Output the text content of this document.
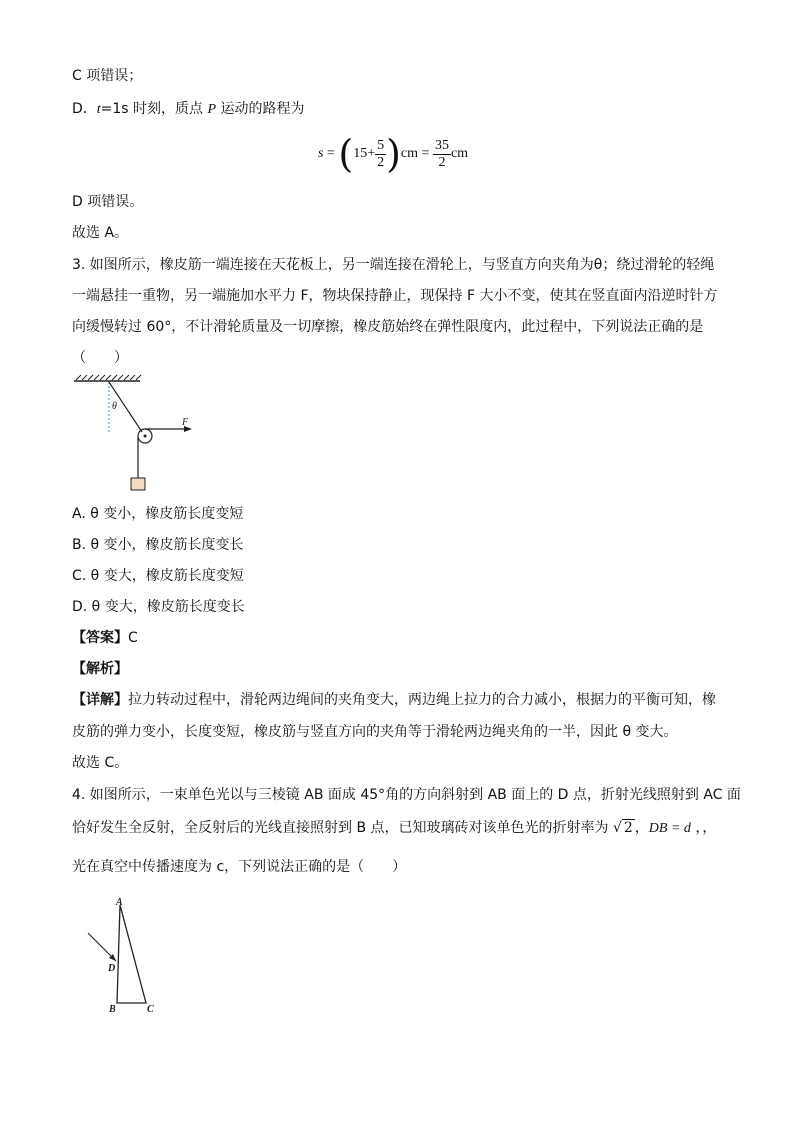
C 项错误；
D．t=1s 时刻，质点 P 运动的路程为
$s = (15+ \frac{5}{2} )cm = \frac{35}{2}$ cm
D 项错误。
故选 A。
3. 如图所示，橡皮筋一端连接在天花板上，另一端连接在滑轮上，与竖直方向夹角为θ；绕过滑轮的轻绳
一端悬挂一重物，另一端施加水平力 F，物块保持静止，现保持 F 大小不变，使其在竖直面内沿逆时针方
向缓慢转过 60°，不计滑轮质量及一切摩擦，橡皮筋始终在弹性限度内，此过程中，下列说法正确的是
（　　）
θ
F
A. θ 变小，橡皮筋长度变短
B. θ 变小，橡皮筋长度变长
C. θ 变大，橡皮筋长度变短
D. θ 变大，橡皮筋长度变长
【答案】C
【解析】
【详解】拉力转动过程中，滑轮两边绳间的夹角变大，两边绳上拉力的合力减小，根据力的平衡可知，橡
皮筋的弹力变小，长度变短，橡皮筋与竖直方向的夹角等于滑轮两边绳夹角的一半，因此 θ 变大。
故选 C。
4. 如图所示，一束单色光以与三棱镜 AB 面成 45°角的方向斜射到 AB 面上的 D 点，折射光线照射到 AC 面
恰好发生全反射，全反射后的光线直接照射到 B 点，已知玻璃砖对该单色光的折射率为 √ 2 ，DB = d ，，
光在真空中传播速度为 c，下列说法正确的是（　　）
A
D
B	C
